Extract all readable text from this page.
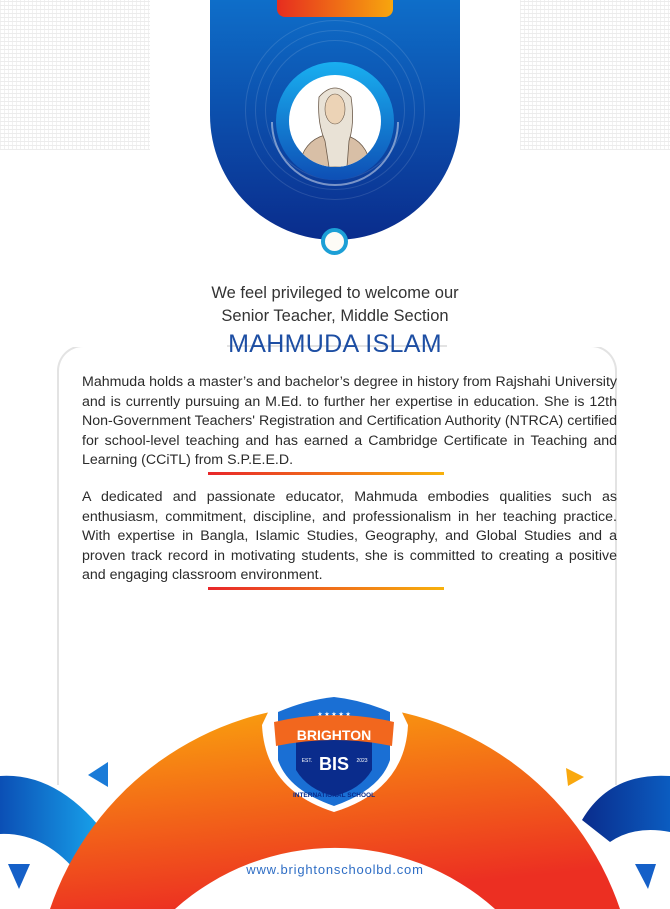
We feel privileged to welcome our
Senior Teacher, Middle Section
MAHMUDA ISLAM

Mahmuda holds a master’s and bachelor’s degree in history from Rajshahi University and is currently pursuing an M.Ed. to further her expertise in education. She is 12th Non-Government Teachers' Registration and Certification Authority (NTRCA) certified for school-level teaching and has earned a Cambridge Certificate in Teaching and Learning (CCiTL) from S.P.E.E.D.

A dedicated and passionate educator, Mahmuda embodies qualities such as enthusiasm, commitment, discipline, and professionalism in her teaching practice. With expertise in Bangla, Islamic Studies, Geography, and Global Studies and a proven track record in motivating students, she is committed to creating a positive and engaging classroom environment.

BRIGHTON
BIS
EST.	2023
INTERNATIONAL SCHOOL
★ ★ ★ ★ ★
www.brightonschoolbd.com
